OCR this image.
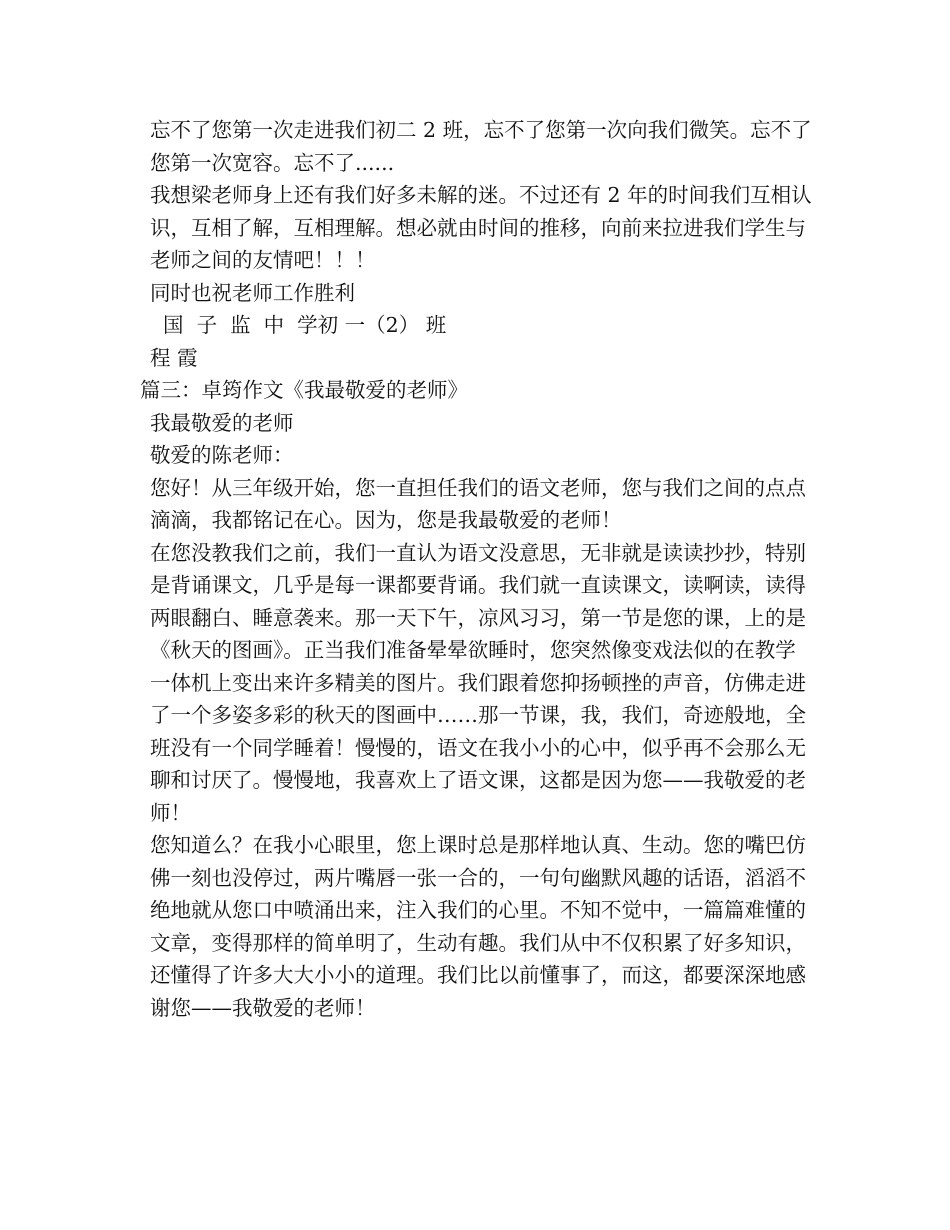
忘不了您第一次走进我们初二 2 班，忘不了您第一次向我们微笑。忘不了您第一次宽容。忘不了......

我想梁老师身上还有我们好多未解的迷。不过还有 2 年的时间我们互相认识，互相了解，互相理解。想必就由时间的推移，向前来拉进我们学生与老师之间的友情吧！！！

同时也祝老师工作胜利

国  子  监  中  学初 一（2） 班

程 霞

篇三：卓筠作文《我最敬爱的老师》

我最敬爱的老师

敬爱的陈老师：

您好！从三年级开始，您一直担任我们的语文老师，您与我们之间的点点滴滴，我都铭记在心。因为，您是我最敬爱的老师！

在您没教我们之前，我们一直认为语文没意思，无非就是读读抄抄，特别是背诵课文，几乎是每一课都要背诵。我们就一直读课文，读啊读，读得两眼翻白、睡意袭来。那一天下午，凉风习习，第一节是您的课，上的是《秋天的图画》。正当我们准备晕晕欲睡时，您突然像变戏法似的在教学一体机上变出来许多精美的图片。我们跟着您抑扬顿挫的声音，仿佛走进了一个多姿多彩的秋天的图画中……那一节课，我，我们，奇迹般地，全班没有一个同学睡着！慢慢的，语文在我小小的心中，似乎再不会那么无聊和讨厌了。慢慢地，我喜欢上了语文课，这都是因为您——我敬爱的老师！

您知道么？在我小心眼里，您上课时总是那样地认真、生动。您的嘴巴仿佛一刻也没停过，两片嘴唇一张一合的，一句句幽默风趣的话语，滔滔不绝地就从您口中喷涌出来，注入我们的心里。不知不觉中，一篇篇难懂的文章，变得那样的简单明了，生动有趣。我们从中不仅积累了好多知识，还懂得了许多大大小小的道理。我们比以前懂事了，而这，都要深深地感谢您——我敬爱的老师！
